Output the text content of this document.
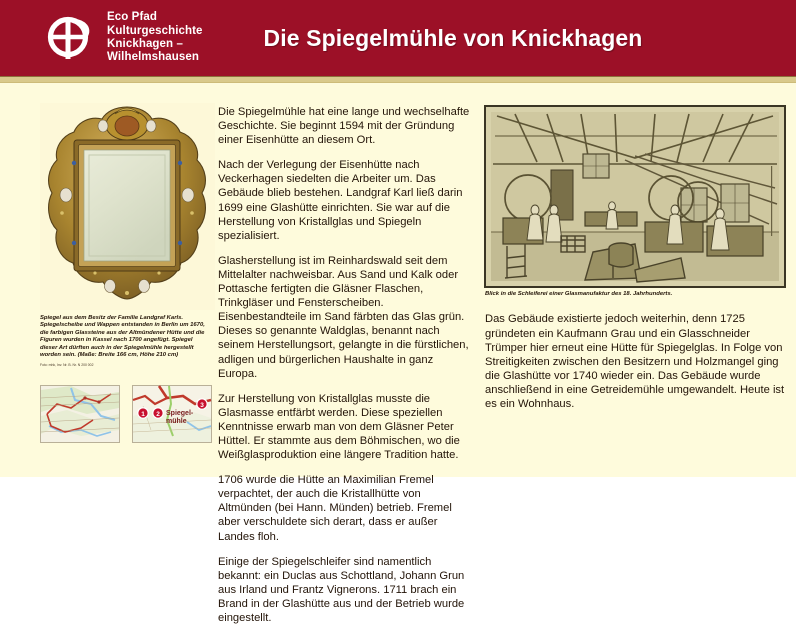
Eco Pfad
Kulturgeschichte
Knickhagen –
Wilhelmshausen
Die Spiegelmühle von Knickhagen
Spiegel aus dem Besitz der Familie Landgraf Karls. Spiegelscheibe und Wappen entstanden in Berlin um 1670, die farbigen Glassteine aus der Altmündener Hütte und die Figuren wurden in Kassel nach 1700 angefügt. Spiegel dieser Art dürften auch in der Spiegelmühle hergestellt worden sein. (Maße: Breite 166 cm, Höhe 210 cm)
Foto: mhk, Inv. Nr. B. Nr. N 200 002

Die Spiegelmühle hat eine lange und wechselhafte Geschichte. Sie beginnt 1594 mit der Gründung einer Eisenhütte an diesem Ort.

Nach der Verlegung der Eisenhütte nach Veckerhagen siedelten die Arbeiter um. Das Gebäude blieb bestehen. Landgraf Karl ließ darin 1699 eine Glashütte einrichten. Sie war auf die Herstellung von Kristallglas und Spiegeln spezialisiert.

Glasherstellung ist im Reinhardswald seit dem Mittelalter nachweisbar. Aus Sand und Kalk oder Pottasche fertigten die Gläsner Flaschen, Trinkgläser und Fensterscheiben. Eisenbestandteile im Sand färbten das Glas grün. Dieses so genannte Waldglas, benannt nach seinem Herstellungsort, gelangte in die fürstlichen, adligen und bürgerlichen Haushalte in ganz Europa.

Zur Herstellung von Kristallglas musste die Glasmasse entfärbt werden. Diese speziellen Kenntnisse erwarb man von dem Gläsner Peter Hüttel. Er stammte aus dem Böhmischen, wo die Weißglasproduktion eine längere Tradition hatte.

1706 wurde die Hütte an Maximilian Fremel verpachtet, der auch die Kristallhütte von Altmünden (bei Hann. Münden) betrieb. Fremel aber verschuldete sich derart, dass er außer Landes floh.

Einige der Spiegelschleifer sind namentlich bekannt: ein Duclas aus Schottland, Johann Grun aus Irland und Frantz Vignerons. 1711 brach ein Brand in der Glashütte aus und der Betrieb wurde eingestellt.

Blick in die Schleiferei einer Glasmanufaktur des 18. Jahrhunderts.

Das Gebäude existierte jedoch weiterhin, denn 1725 gründeten ein Kaufmann Grau und ein Glasschneider Trümper hier erneut eine Hütte für Spiegelglas. In Folge von Streitigkeiten zwischen den Besitzern und Holzmangel ging die Glashütte vor 1740 wieder ein. Das Gebäude wurde anschließend in eine Getreidemühle umgewandelt. Heute ist es ein Wohnhaus.

1 2
3
Spiegel-
mühle
